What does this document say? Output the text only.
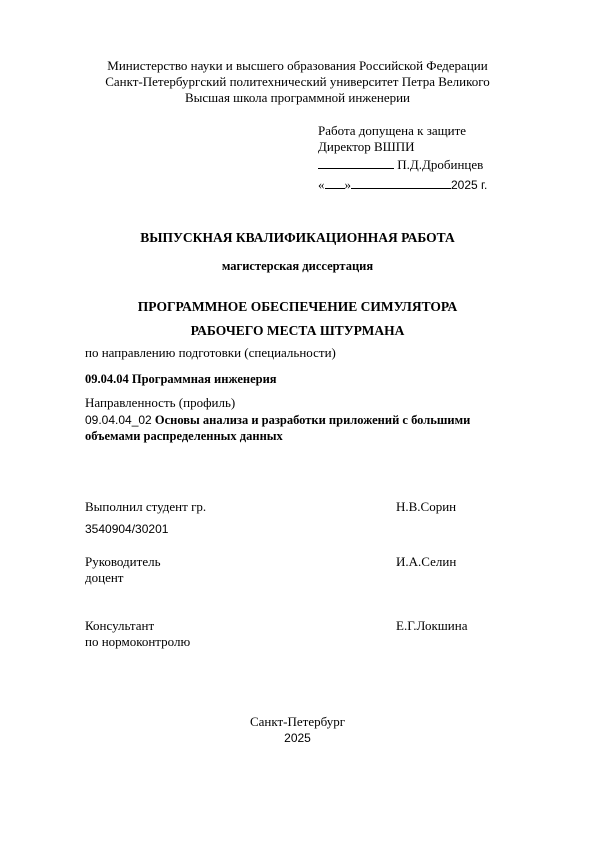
Министерство науки и высшего образования Российской Федерации
Санкт-Петербургский политехнический университет Петра Великого
Высшая школа программной инженерии
Работа допущена к защите
Директор ВШПИ
П.Д.Дробинцев
« »	2025 г.
ВЫПУСКНАЯ КВАЛИФИКАЦИОННАЯ РАБОТА
магистерская диссертация
ПРОГРАММНОЕ ОБЕСПЕЧЕНИЕ СИМУЛЯТОРА
РАБОЧЕГО МЕСТА ШТУРМАНА
по направлению подготовки (специальности)
09.04.04 Программная инженерия
Направленность (профиль)
09.04.04_02 Основы анализа и разработки приложений с большими
объемами распределенных данных
Выполнил студент гр.	Н.В.Сорин
3540904/30201
Руководитель	И.А.Селин
доцент
Консультант	Е.Г.Локшина
по нормоконтролю
Санкт-Петербург
2025
